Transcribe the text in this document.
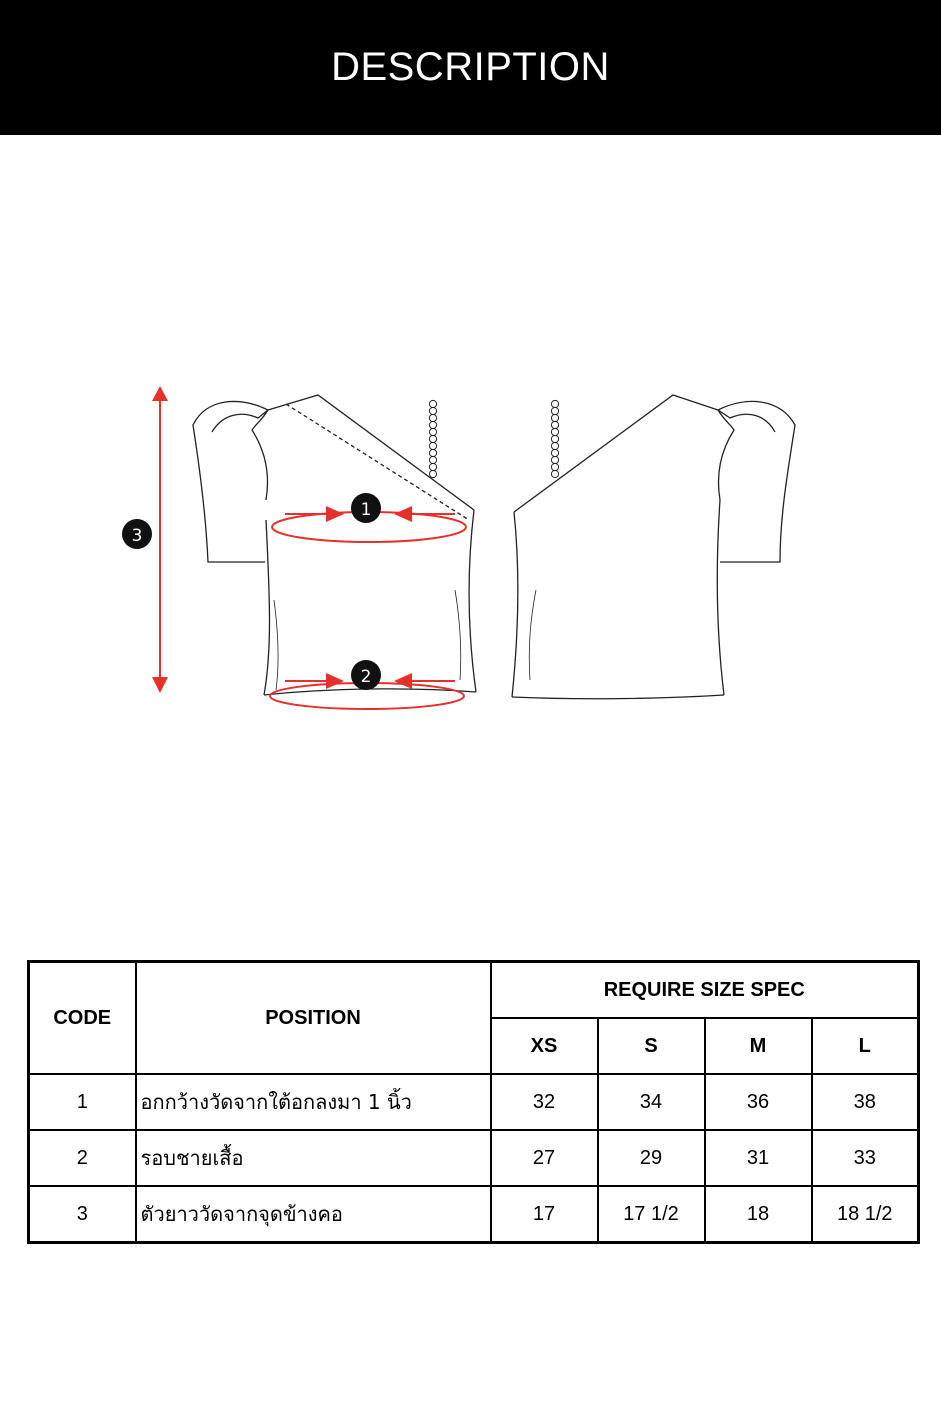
DESCRIPTION
1
2
3
CODE	POSITION	REQUIRE SIZE SPEC			
		XS	S	M	L
1	อกกว้างวัดจากใต้อกลงมา 1 นิ้ว	32	34	36	38
2	รอบชายเสื้อ	27	29	31	33
3	ตัวยาววัดจากจุดข้างคอ	17	17 1/2	18	18 1/2
